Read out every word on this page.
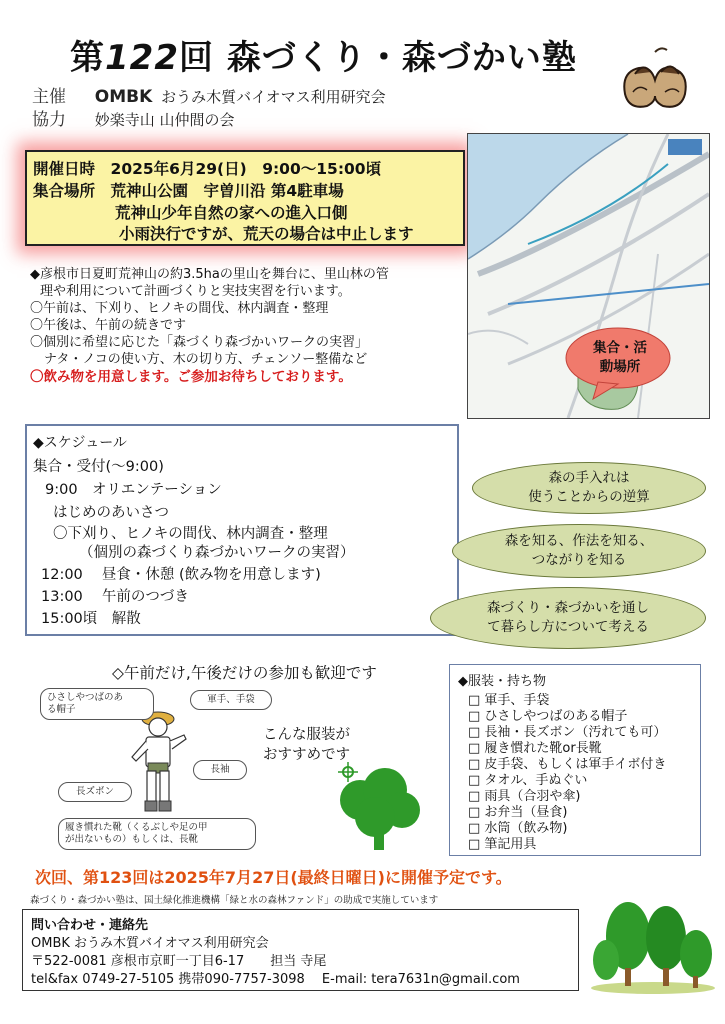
第122回 森づくり・森づかい塾
主催 OMBK おうみ木質バイオマス利用研究会
協力 妙楽寺山 山仲間の会
開催日時　 2025年6月29(日)　9:00～15:00頃
集合場所　 荒神山公園　宇曽川沿 第4駐車場
荒神山少年自然の家への進入口側
小雨決行ですが、荒天の場合は中止します
集合・活
動場所
◆彦根市日夏町荒神山の約3.5haの里山を舞台に、里山林の管
理や利用について計画づくりと実技実習を行います。
〇午前は、下刈り、ヒノキの間伐、林内調査・整理
〇午後は、午前の続きです
〇個別に希望に応じた「森づくり森づかいワークの実習」
ナタ・ノコの使い方、木の切り方、チェンソー整備など
〇飲み物を用意します。ご参加お待ちしております。
◆スケジュール
集合・受付(～9:00)
9:00　オリエンテーション
はじめのあいさつ
〇下刈り、ヒノキの間伐、林内調査・整理
（個別の森づくり森づかいワークの実習）
12:00　 昼食・休憩 (飲み物を用意します)
13:00　 午前のつづき
15:00頃　解散
森の手入れは
使うことからの逆算
森を知る、作法を知る、
つながりを知る
森づくり・森づかいを通し
て暮らし方について考える
◇午前だけ,午後だけの参加も歓迎です
ひさしやつばのあ
る帽子
軍手、手袋
長袖
長ズボン
履き慣れた靴（くるぶしや足の甲
が出ないもの）もしくは、長靴
こんな服装が
おすすめです
◆服装・持ち物
□ 軍手、手袋
□ ひさしやつばのある帽子
□ 長袖・長ズボン（汚れても可）
□ 履き慣れた靴or長靴
□ 皮手袋、もしくは軍手イボ付き
□ タオル、手ぬぐい
□ 雨具（合羽や傘)
□ お弁当（昼食)
□ 水筒（飲み物)
□ 筆記用具
次回、第123回は2025年7月27日(最終日曜日)に開催予定です。
森づくり・森づかい塾は、国土緑化推進機構「緑と水の森林ファンド」の助成で実施しています
問い合わせ・連絡先
OMBK おうみ木質バイオマス利用研究会
〒522-0081 彦根市京町一丁目6-17　　担当 寺尾
tel&fax 0749-27-5105 携帯090-7757-3098　 E-mail: tera7631n@gmail.com
